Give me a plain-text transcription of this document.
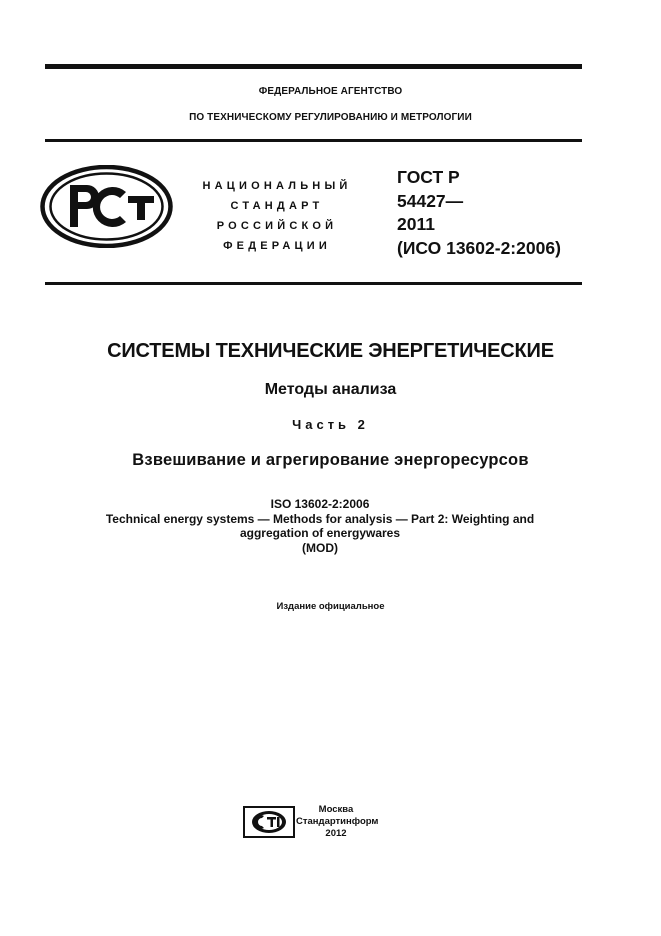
ФЕДЕРАЛЬНОЕ АГЕНТСТВО
ПО ТЕХНИЧЕСКОМУ РЕГУЛИРОВАНИЮ И МЕТРОЛОГИИ
НАЦИОНАЛЬНЫЙ
СТАНДАРТ
РОССИЙСКОЙ
ФЕДЕРАЦИИ
ГОСТ Р
54427—
2011
(ИСО 13602-2:2006)
СИСТЕМЫ ТЕХНИЧЕСКИЕ ЭНЕРГЕТИЧЕСКИЕ
Методы анализа
Часть 2
Взвешивание и агрегирование энергоресурсов
ISO 13602-2:2006
Technical energy systems — Methods for analysis — Part 2: Weighting and
aggregation of energywares
(MOD)
Издание официальное
Москва
Стандартинформ
2012
